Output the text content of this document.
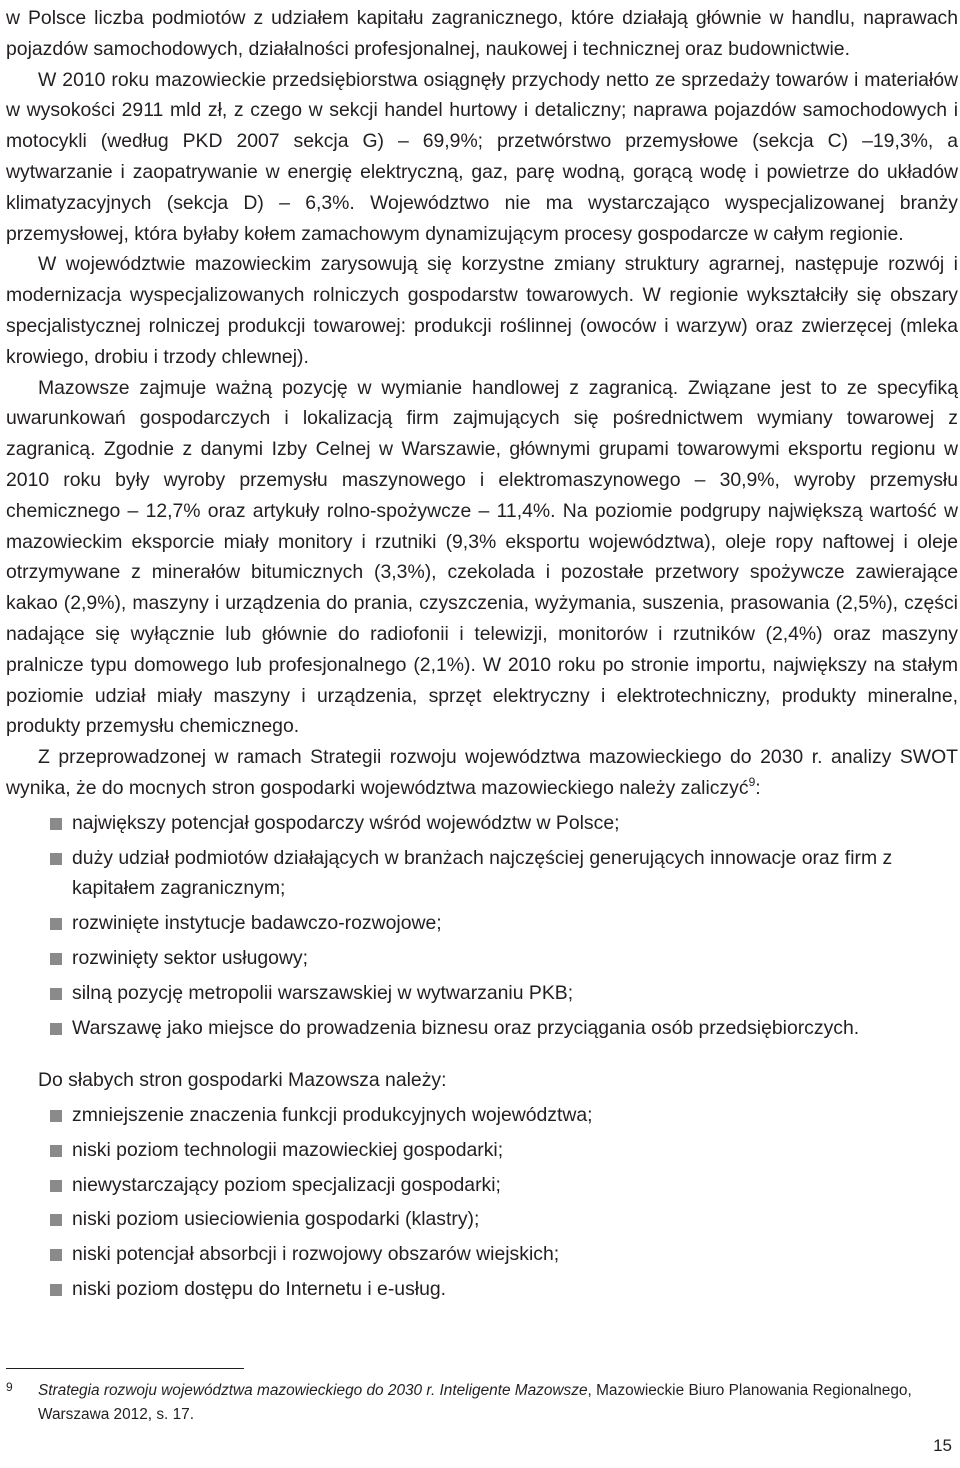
w Polsce liczba podmiotów z udziałem kapitału zagranicznego, które działają głównie w handlu, naprawach pojazdów samochodowych, działalności profesjonalnej, naukowej i technicznej oraz budownictwie.

W 2010 roku mazowieckie przedsiębiorstwa osiągnęły przychody netto ze sprzedaży towarów i materiałów w wysokości 2911 mld zł, z czego w sekcji handel hurtowy i detaliczny; naprawa pojazdów samochodowych i motocykli (według PKD 2007 sekcja G) – 69,9%; przetwórstwo przemysłowe (sekcja C) –19,3%, a wytwarzanie i zaopatrywanie w energię elektryczną, gaz, parę wodną, gorącą wodę i powietrze do układów klimatyzacyjnych (sekcja D) – 6,3%. Województwo nie ma wystarczająco wyspecjalizowanej branży przemysłowej, która byłaby kołem zamachowym dynamizującym procesy gospodarcze w całym regionie.

W województwie mazowieckim zarysowują się korzystne zmiany struktury agrarnej, następuje rozwój i modernizacja wyspecjalizowanych rolniczych gospodarstw towarowych. W regionie wykształciły się obszary specjalistycznej rolniczej produkcji towarowej: produkcji roślinnej (owoców i warzyw) oraz zwierzęcej (mleka krowiego, drobiu i trzody chlewnej).

Mazowsze zajmuje ważną pozycję w wymianie handlowej z zagranicą. Związane jest to ze specyfiką uwarunkowań gospodarczych i lokalizacją firm zajmujących się pośrednictwem wymiany towarowej z zagranicą. Zgodnie z danymi Izby Celnej w Warszawie, głównymi grupami towarowymi eksportu regionu w 2010 roku były wyroby przemysłu maszynowego i elektromaszynowego – 30,9%, wyroby przemysłu chemicznego – 12,7% oraz artykuły rolno-spożywcze – 11,4%. Na poziomie podgrupy największą wartość w mazowieckim eksporcie miały monitory i rzutniki (9,3% eksportu województwa), oleje ropy naftowej i oleje otrzymywane z minerałów bitumicznych (3,3%), czekolada i pozostałe przetwory spożywcze zawierające kakao (2,9%), maszyny i urządzenia do prania, czyszczenia, wyżymania, suszenia, prasowania (2,5%), części nadające się wyłącznie lub głównie do radiofonii i telewizji, monitorów i rzutników (2,4%) oraz maszyny pralnicze typu domowego lub profesjonalnego (2,1%). W 2010 roku po stronie importu, największy na stałym poziomie udział miały maszyny i urządzenia, sprzęt elektryczny i elektrotechniczny, produkty mineralne, produkty przemysłu chemicznego.

Z przeprowadzonej w ramach Strategii rozwoju województwa mazowieckiego do 2030 r. analizy SWOT wynika, że do mocnych stron gospodarki województwa mazowieckiego należy zaliczyć$^9$:

największy potencjał gospodarczy wśród województw w Polsce;
duży udział podmiotów działających w branżach najczęściej generujących innowacje oraz firm z kapitałem zagranicznym;
rozwinięte instytucje badawczo-rozwojowe;
rozwinięty sektor usługowy;
silną pozycję metropolii warszawskiej w wytwarzaniu PKB;
Warszawę jako miejsce do prowadzenia biznesu oraz przyciągania osób przedsiębiorczych.

Do słabych stron gospodarki Mazowsza należy:

zmniejszenie znaczenia funkcji produkcyjnych województwa;
niski poziom technologii mazowieckiej gospodarki;
niewystarczający poziom specjalizacji gospodarki;
niski poziom usieciowienia gospodarki (klastry);
niski potencjał absorbcji i rozwojowy obszarów wiejskich;
niski poziom dostępu do Internetu i e-usług.
9 Strategia rozwoju województwa mazowieckiego do 2030 r. Inteligente Mazowsze, Mazowieckie Biuro Planowania Regionalnego, Warszawa 2012, s. 17.
15
